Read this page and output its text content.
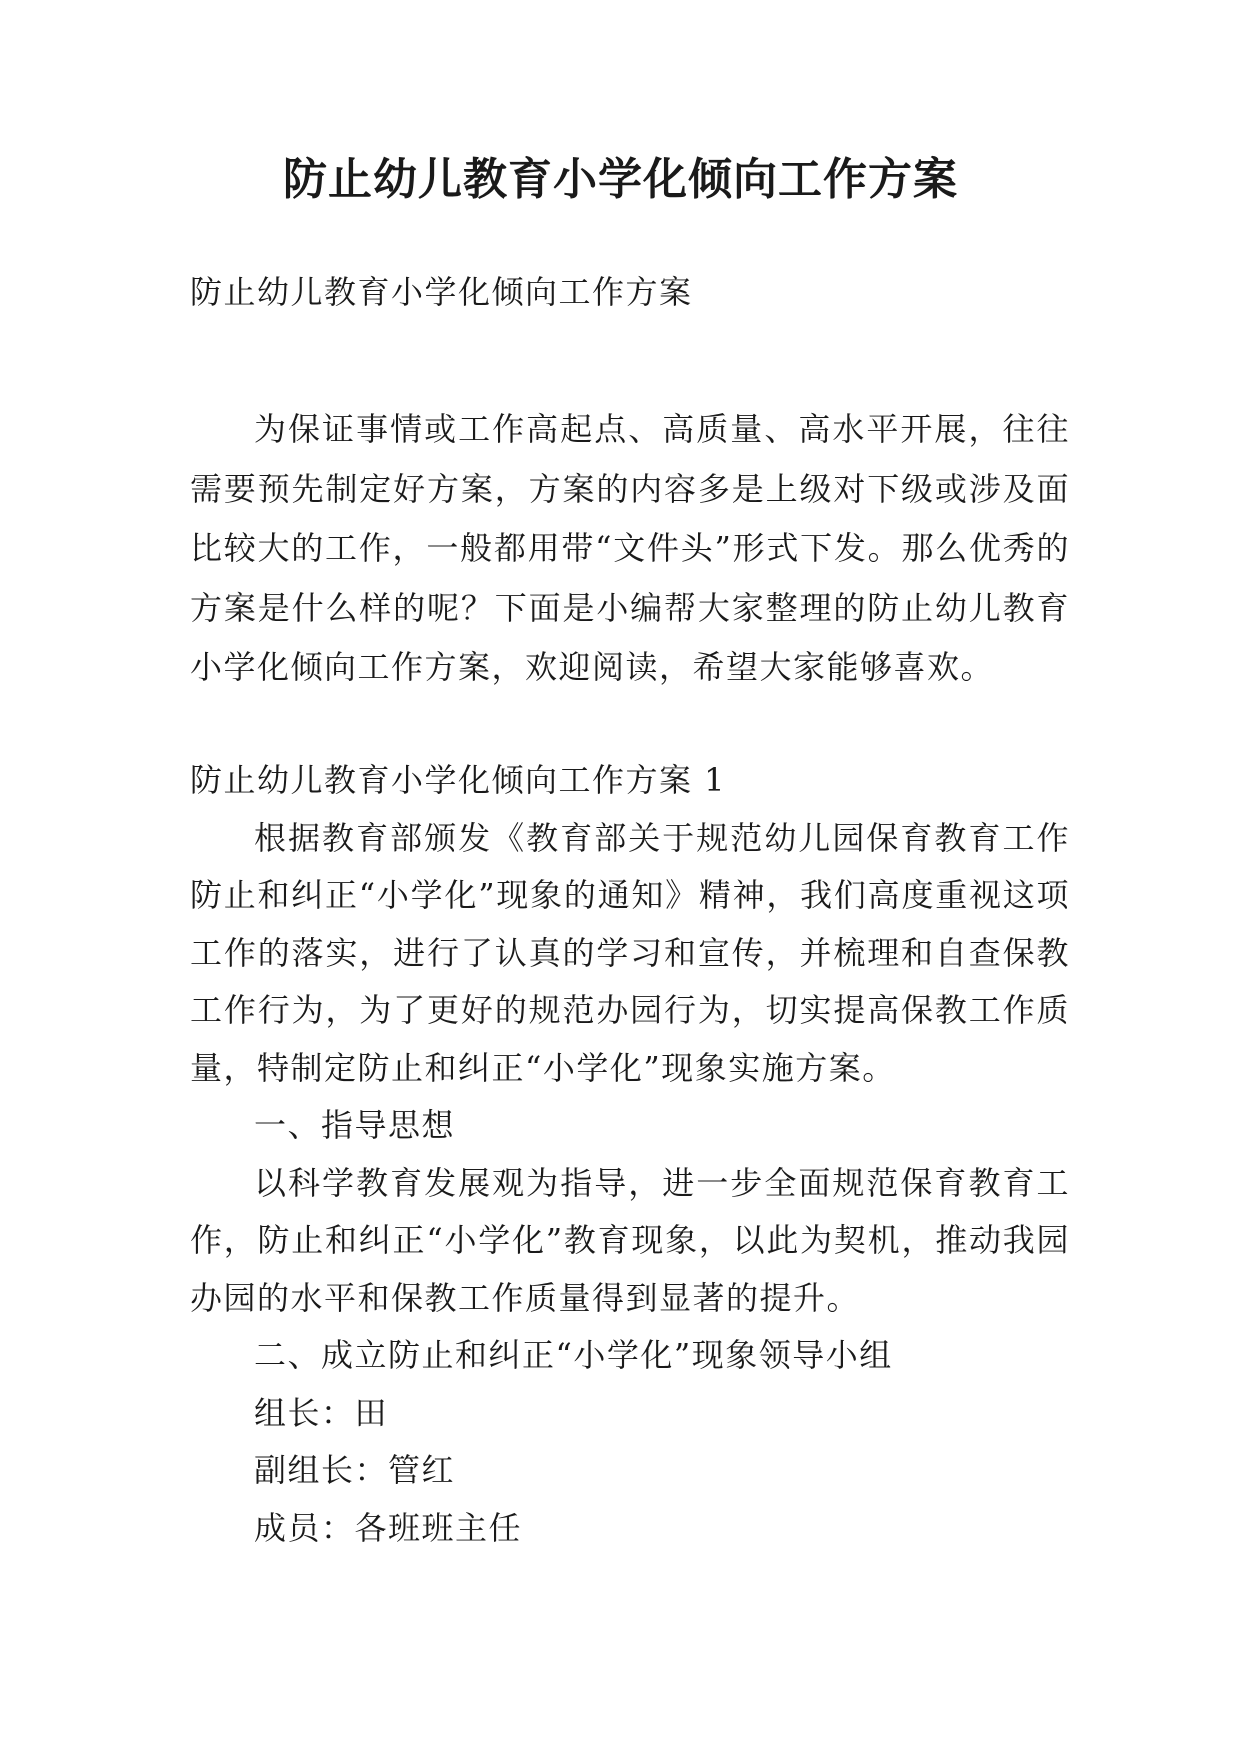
防止幼儿教育小学化倾向工作方案
防止幼儿教育小学化倾向工作方案

为保证事情或工作高起点、高质量、高水平开展，往往需要预先制定好方案，方案的内容多是上级对下级或涉及面比较大的工作，一般都用带“文件头”形式下发。那么优秀的方案是什么样的呢？下面是小编帮大家整理的防止幼儿教育小学化倾向工作方案，欢迎阅读，希望大家能够喜欢。

防止幼儿教育小学化倾向工作方案 1

根据教育部颁发《教育部关于规范幼儿园保育教育工作防止和纠正“小学化”现象的通知》精神，我们高度重视这项工作的落实，进行了认真的学习和宣传，并梳理和自查保教工作行为，为了更好的规范办园行为，切实提高保教工作质量，特制定防止和纠正“小学化”现象实施方案。

一、指导思想

以科学教育发展观为指导，进一步全面规范保育教育工作，防止和纠正“小学化”教育现象，以此为契机，推动我园办园的水平和保教工作质量得到显著的提升。

二、成立防止和纠正“小学化”现象领导小组

组长：田

副组长：管红

成员：各班班主任
